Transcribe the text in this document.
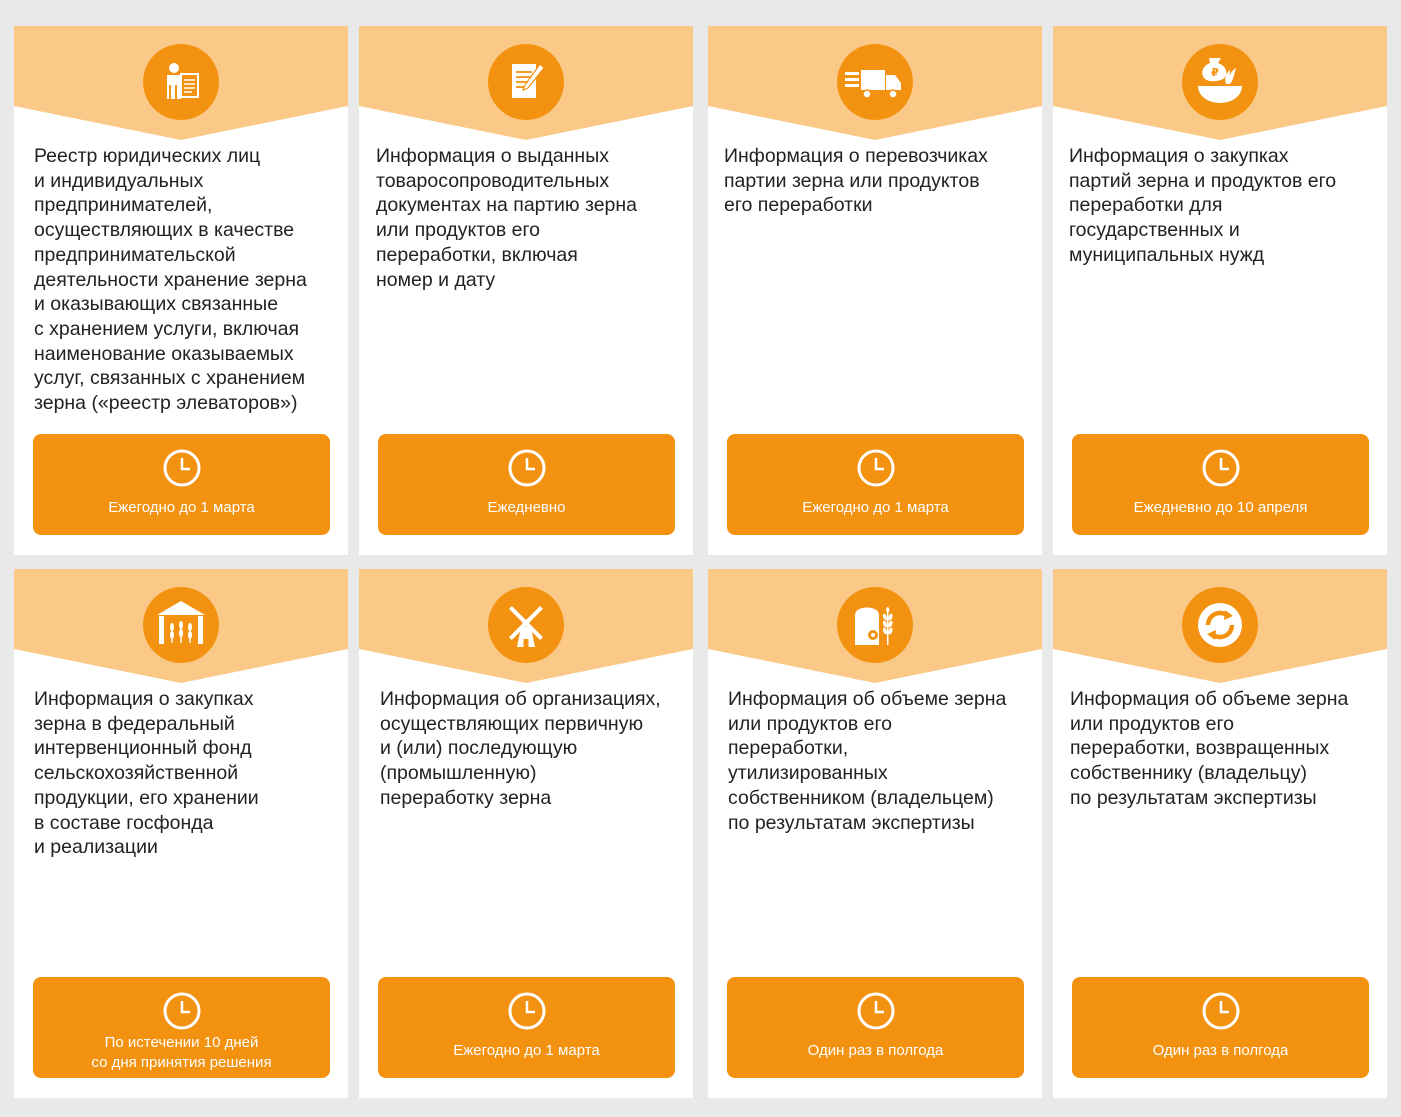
Реестр юридических лиц
и индивидуальных
предпринимателей,
осуществляющих в качестве
предпринимательской
деятельности хранение зерна
и оказывающих связанные
с хранением услуги, включая
наименование оказываемых
услуг, связанных с хранением
зерна («реестр элеваторов»)

Ежегодно до 1 марта

Информация о выданных
товаросопроводительных
документах на партию зерна
или продуктов его
переработки, включая
номер и дату

Ежедневно

Информация о перевозчиках
партии зерна или продуктов
его переработки

Ежегодно до 1 марта
₽

Информация о закупках
партий зерна и продуктов его
переработки для
государственных и
муниципальных нужд

Ежедневно до 10 апреля

Информация о закупках
зерна в федеральный
интервенционный фонд
сельскохозяйственной
продукции, его хранении
в составе госфонда
и реализации

По истечении 10 дней
со дня принятия решения

Информация об организациях,
осуществляющих первичную
и (или) последующую
(промышленную)
переработку зерна

Ежегодно до 1 марта

Информация об объеме зерна
или продуктов его
переработки,
утилизированных
собственником (владельцем)
по результатам экспертизы

Один раз в полгода

Информация об объеме зерна
или продуктов его
переработки, возвращенных
собственнику (владельцу)
по результатам экспертизы

Один раз в полгода
